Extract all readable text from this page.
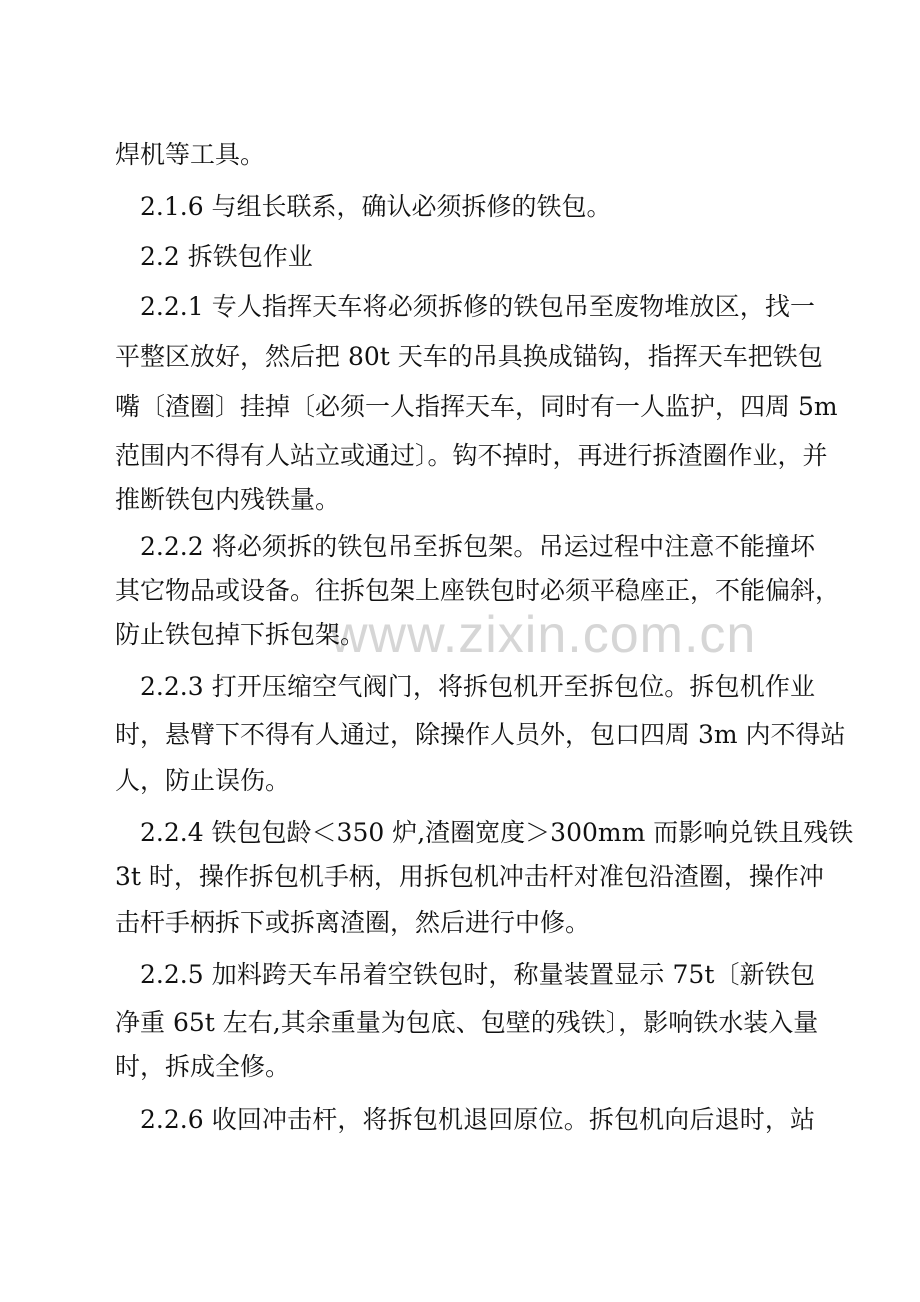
www.zixin.com.cn
焊机等工具。
2.1.6 与组长联系，确认必须拆修的铁包。
2.2 拆铁包作业
2.2.1 专人指挥天车将必须拆修的铁包吊至废物堆放区，找一
平整区放好，然后把 80t 天车的吊具换成锚钩，指挥天车把铁包
嘴〔渣圈〕挂掉〔必须一人指挥天车，同时有一人监护，四周 5m
范围内不得有人站立或通过〕。钩不掉时，再进行拆渣圈作业，并
推断铁包内残铁量。
2.2.2 将必须拆的铁包吊至拆包架。吊运过程中注意不能撞坏
其它物品或设备。往拆包架上座铁包时必须平稳座正，不能偏斜，
防止铁包掉下拆包架。
2.2.3 打开压缩空气阀门，将拆包机开至拆包位。拆包机作业
时，悬臂下不得有人通过，除操作人员外，包口四周 3m 内不得站
人，防止误伤。
2.2.4 铁包包龄＜350 炉,渣圈宽度＞300mm 而影响兑铁且残铁
3t 时，操作拆包机手柄，用拆包机冲击杆对准包沿渣圈，操作冲
击杆手柄拆下或拆离渣圈，然后进行中修。
2.2.5 加料跨天车吊着空铁包时，称量装置显示 75t〔新铁包
净重 65t 左右,其余重量为包底、包壁的残铁〕，影响铁水装入量
时，拆成全修。
2.2.6 收回冲击杆，将拆包机退回原位。拆包机向后退时，站
